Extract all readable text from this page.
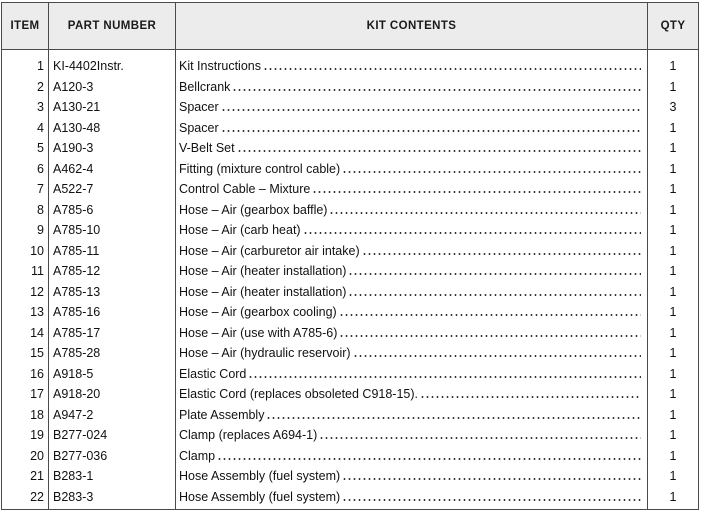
ITEM	PART NUMBER	KIT CONTENTS	QTY
1	KI-4402Instr.	Kit Instructions	1
2	A120-3	Bellcrank	1
3	A130-21	Spacer	3
4	A130-48	Spacer	1
5	A190-3	V-Belt Set	1
6	A462-4	Fitting (mixture control cable)	1
7	A522-7	Control Cable – Mixture	1
8	A785-6	Hose – Air (gearbox baffle)	1
9	A785-10	Hose – Air (carb heat)	1
10	A785-11	Hose – Air (carburetor air intake)	1
11	A785-12	Hose – Air (heater installation)	1
12	A785-13	Hose – Air (heater installation)	1
13	A785-16	Hose – Air (gearbox cooling)	1
14	A785-17	Hose – Air (use with A785-6)	1
15	A785-28	Hose – Air (hydraulic reservoir)	1
16	A918-5	Elastic Cord	1
17	A918-20	Elastic Cord (replaces obsoleted C918-15).	1
18	A947-2	Plate Assembly	1
19	B277-024	Clamp (replaces A694-1)	1
20	B277-036	Clamp	1
21	B283-1	Hose Assembly (fuel system)	1
22	B283-3	Hose Assembly (fuel system)	1
